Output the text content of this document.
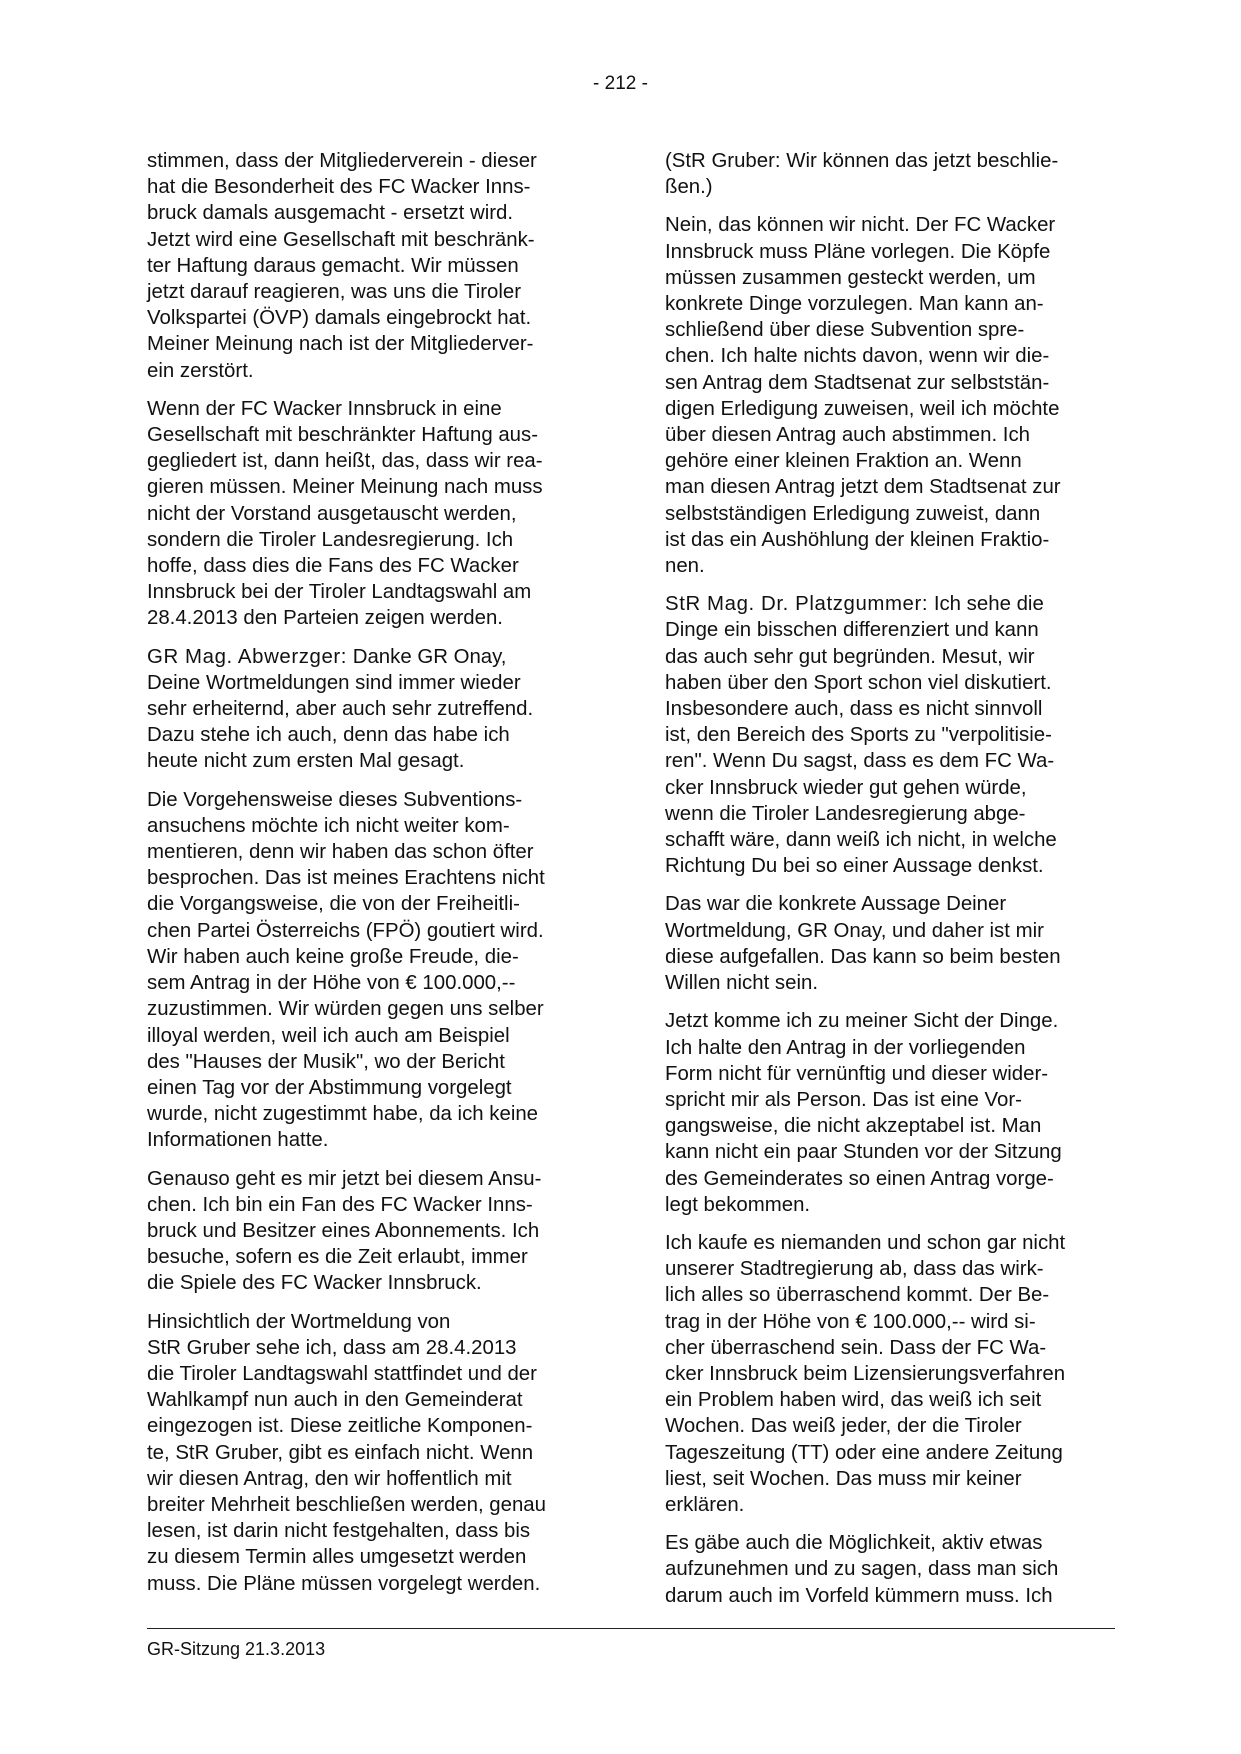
- 212 -

stimmen, dass der Mitgliederverein - dieser
hat die Besonderheit des FC Wacker Inns-
bruck damals ausgemacht - ersetzt wird.
Jetzt wird eine Gesellschaft mit beschränk-
ter Haftung daraus gemacht. Wir müssen
jetzt darauf reagieren, was uns die Tiroler
Volkspartei (ÖVP) damals eingebrockt hat.
Meiner Meinung nach ist der Mitgliederver-
ein zerstört.

Wenn der FC Wacker Innsbruck in eine
Gesellschaft mit beschränkter Haftung aus-
gegliedert ist, dann heißt, das, dass wir rea-
gieren müssen. Meiner Meinung nach muss
nicht der Vorstand ausgetauscht werden,
sondern die Tiroler Landesregierung. Ich
hoffe, dass dies die Fans des FC Wacker
Innsbruck bei der Tiroler Landtagswahl am
28.4.2013 den Parteien zeigen werden.

GR Mag. Abwerzger: Danke GR Onay,
Deine Wortmeldungen sind immer wieder
sehr erheiternd, aber auch sehr zutreffend.
Dazu stehe ich auch, denn das habe ich
heute nicht zum ersten Mal gesagt.

Die Vorgehensweise dieses Subventions-
ansuchens möchte ich nicht weiter kom-
mentieren, denn wir haben das schon öfter
besprochen. Das ist meines Erachtens nicht
die Vorgangsweise, die von der Freiheitli-
chen Partei Österreichs (FPÖ) goutiert wird.
Wir haben auch keine große Freude, die-
sem Antrag in der Höhe von € 100.000,--
zuzustimmen. Wir würden gegen uns selber
illoyal werden, weil ich auch am Beispiel
des "Hauses der Musik", wo der Bericht
einen Tag vor der Abstimmung vorgelegt
wurde, nicht zugestimmt habe, da ich keine
Informationen hatte.

Genauso geht es mir jetzt bei diesem Ansu-
chen. Ich bin ein Fan des FC Wacker Inns-
bruck und Besitzer eines Abonnements. Ich
besuche, sofern es die Zeit erlaubt, immer
die Spiele des FC Wacker Innsbruck.

Hinsichtlich der Wortmeldung von
StR Gruber sehe ich, dass am 28.4.2013
die Tiroler Landtagswahl stattfindet und der
Wahlkampf nun auch in den Gemeinderat
eingezogen ist. Diese zeitliche Komponen-
te, StR Gruber, gibt es einfach nicht. Wenn
wir diesen Antrag, den wir hoffentlich mit
breiter Mehrheit beschließen werden, genau
lesen, ist darin nicht festgehalten, dass bis
zu diesem Termin alles umgesetzt werden
muss. Die Pläne müssen vorgelegt werden.

(StR Gruber: Wir können das jetzt beschlie-
ßen.)

Nein, das können wir nicht. Der FC Wacker
Innsbruck muss Pläne vorlegen. Die Köpfe
müssen zusammen gesteckt werden, um
konkrete Dinge vorzulegen. Man kann an-
schließend über diese Subvention spre-
chen. Ich halte nichts davon, wenn wir die-
sen Antrag dem Stadtsenat zur selbststän-
digen Erledigung zuweisen, weil ich möchte
über diesen Antrag auch abstimmen. Ich
gehöre einer kleinen Fraktion an. Wenn
man diesen Antrag jetzt dem Stadtsenat zur
selbstständigen Erledigung zuweist, dann
ist das ein Aushöhlung der kleinen Fraktio-
nen.

StR Mag. Dr. Platzgummer: Ich sehe die
Dinge ein bisschen differenziert und kann
das auch sehr gut begründen. Mesut, wir
haben über den Sport schon viel diskutiert.
Insbesondere auch, dass es nicht sinnvoll
ist, den Bereich des Sports zu "verpolitisie-
ren". Wenn Du sagst, dass es dem FC Wa-
cker Innsbruck wieder gut gehen würde,
wenn die Tiroler Landesregierung abge-
schafft wäre, dann weiß ich nicht, in welche
Richtung Du bei so einer Aussage denkst.

Das war die konkrete Aussage Deiner
Wortmeldung, GR Onay, und daher ist mir
diese aufgefallen. Das kann so beim besten
Willen nicht sein.

Jetzt komme ich zu meiner Sicht der Dinge.
Ich halte den Antrag in der vorliegenden
Form nicht für vernünftig und dieser wider-
spricht mir als Person. Das ist eine Vor-
gangsweise, die nicht akzeptabel ist. Man
kann nicht ein paar Stunden vor der Sitzung
des Gemeinderates so einen Antrag vorge-
legt bekommen.

Ich kaufe es niemanden und schon gar nicht
unserer Stadtregierung ab, dass das wirk-
lich alles so überraschend kommt. Der Be-
trag in der Höhe von € 100.000,-- wird si-
cher überraschend sein. Dass der FC Wa-
cker Innsbruck beim Lizensierungsverfahren
ein Problem haben wird, das weiß ich seit
Wochen. Das weiß jeder, der die Tiroler
Tageszeitung (TT) oder eine andere Zeitung
liest, seit Wochen. Das muss mir keiner
erklären.

Es gäbe auch die Möglichkeit, aktiv etwas
aufzunehmen und zu sagen, dass man sich
darum auch im Vorfeld kümmern muss. Ich

GR-Sitzung 21.3.2013
